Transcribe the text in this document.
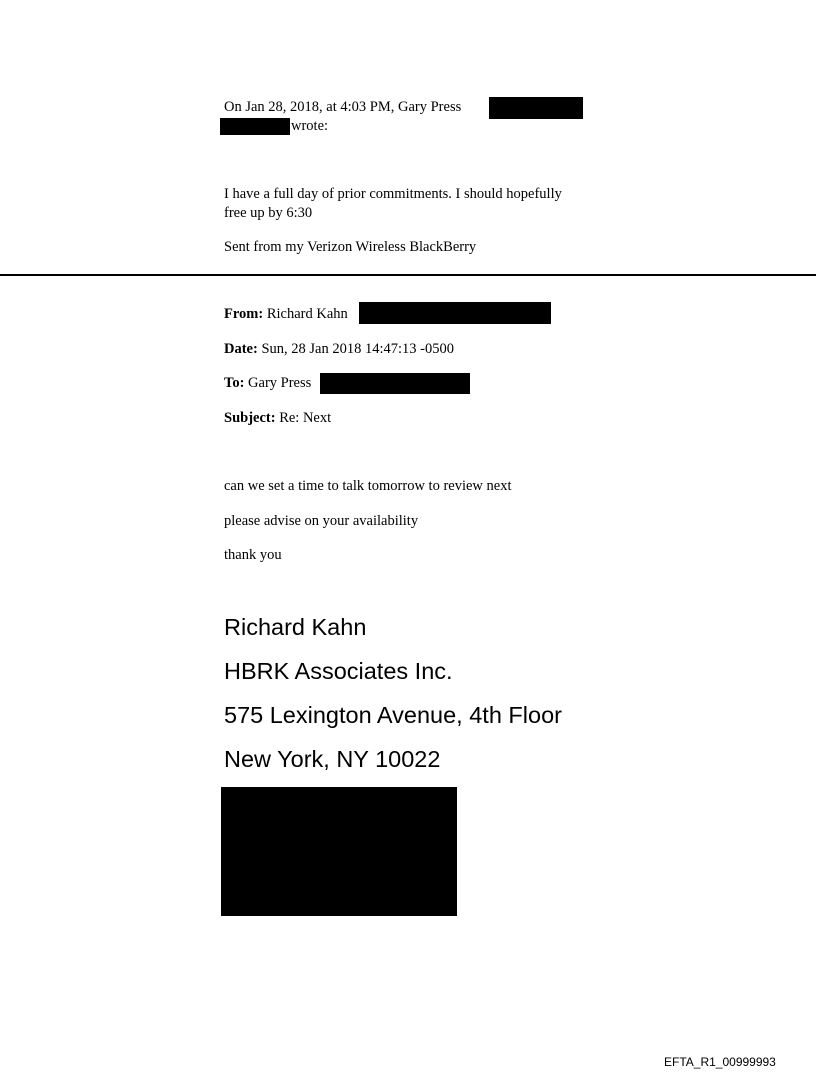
On Jan 28, 2018, at 4:03 PM, Gary Press
wrote:
I have a full day of prior commitments. I should hopefully
free up by 6:30
Sent from my Verizon Wireless BlackBerry
From: Richard Kahn
Date: Sun, 28 Jan 2018 14:47:13 -0500
To: Gary Press
Subject: Re: Next
can we set a time to talk tomorrow to review next
please advise on your availability
thank you
Richard Kahn
HBRK Associates Inc.
575 Lexington Avenue, 4th Floor
New York, NY 10022
EFTA_R1_00999993
